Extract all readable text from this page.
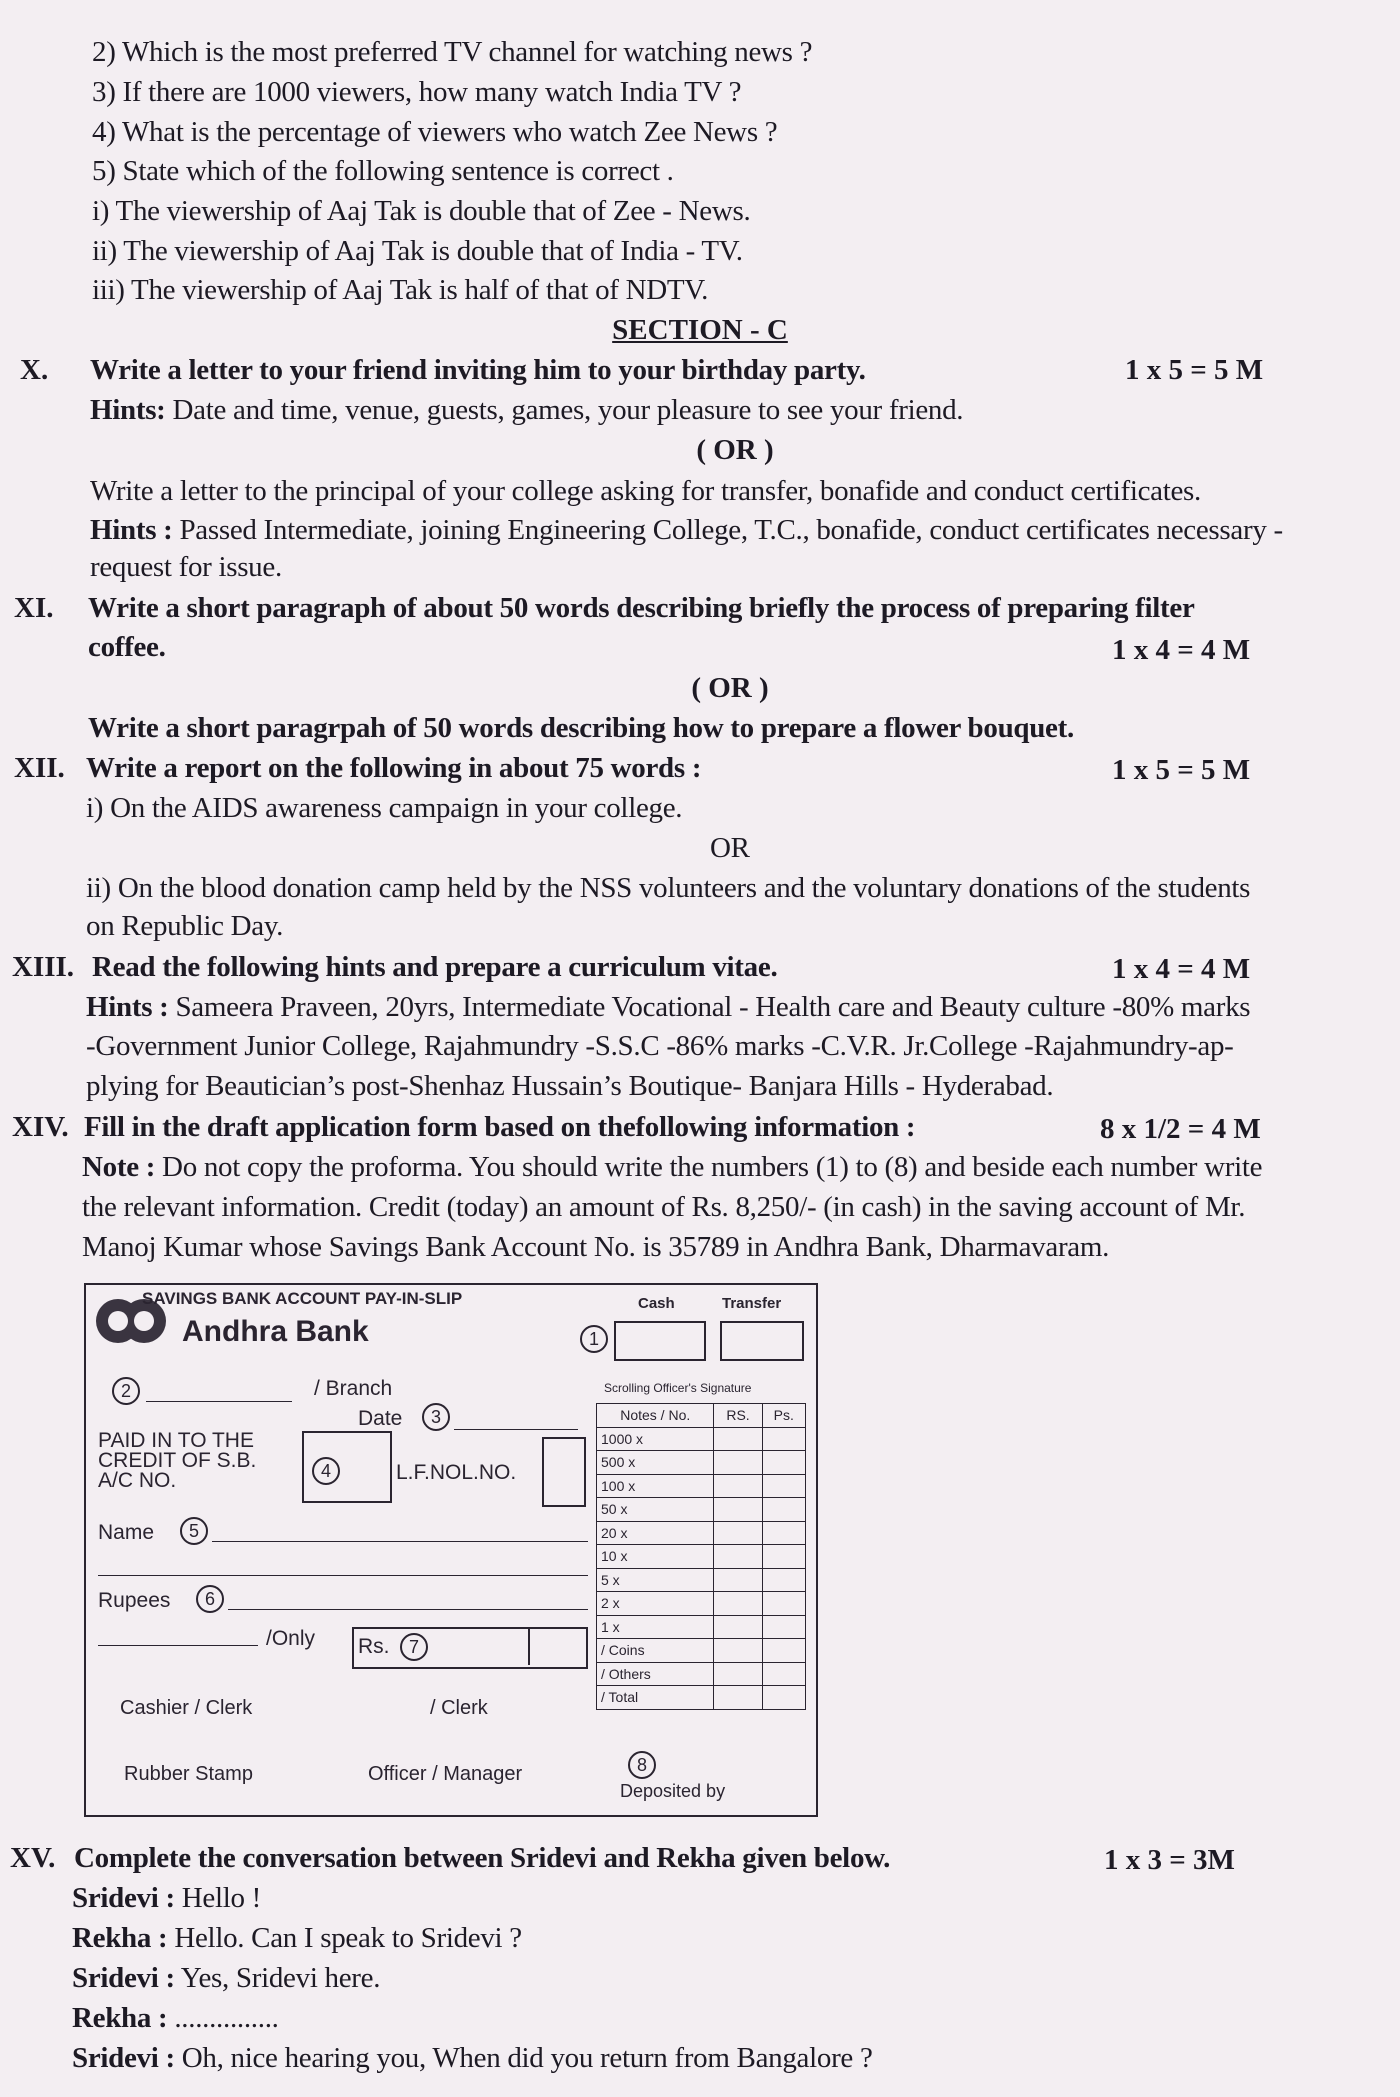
2) Which is the most preferred TV channel for watching news ?
3) If there are 1000 viewers, how many watch India TV ?
4) What is the percentage of viewers who watch Zee News ?
5) State which of the following sentence is correct .
i) The viewership of Aaj Tak is double that of Zee - News.
ii) The viewership of Aaj Tak is double that of India - TV.
iii) The viewership of Aaj Tak is half of that of NDTV.
SECTION - C
X. Write a letter to your friend inviting him to your birthday party.	1 x 5 = 5 M
Hints: Date and time, venue, guests, games, your pleasure to see your friend.
( OR )
Write a letter to the principal of your college asking for transfer, bonafide and conduct certificates.
Hints : Passed Intermediate, joining Engineering College, T.C., bonafide, conduct certificates necessary -
request for issue.
XI. Write a short paragraph of about 50 words describing briefly the process of preparing filter
coffee.	1 x 4 = 4 M
( OR )
Write a short paragrpah of 50 words describing how to prepare a flower bouquet.
XII. Write a report on the following in about 75 words :	1 x 5 = 5 M
i) On the AIDS awareness campaign in your college.
OR
ii) On the blood donation camp held by the NSS volunteers and the voluntary donations of the students
on Republic Day.
XIII. Read the following hints and prepare a curriculum vitae.	1 x 4 = 4 M
Hints : Sameera Praveen, 20yrs, Intermediate Vocational - Health care and Beauty culture -80% marks
-Government Junior College, Rajahmundry -S.S.C -86% marks -C.V.R. Jr.College -Rajahmundry-ap-
plying for Beautician’s post-Shenhaz Hussain’s Boutique- Banjara Hills - Hyderabad.
XIV. Fill in the draft application form based on thefollowing information :	8 x 1/2 = 4 M
Note : Do not copy the proforma. You should write the numbers (1) to (8) and beside each number write
the relevant information. Credit (today) an amount of Rs. 8,250/- (in cash) in the saving account of Mr.
Manoj Kumar whose Savings Bank Account No. is 35789 in Andhra Bank, Dharmavaram.
SAVINGS BANK ACCOUNT PAY-IN-SLIP	Cash	Transfer
Andhra Bank	1
2	/ Branch	Scrolling Officer's Signature
Date	3
PAID IN TO THE
CREDIT OF S.B.
A/C NO.	4	L.F.NOL.NO.
Name	5
Rupees	6
/Only Rs.	7
Cashier / Clerk	/ Clerk
Rubber Stamp	Officer / Manager	8
Deposited by
Notes / No.	RS.	Ps.
1000 x		
500 x		
100 x		
50 x		
20 x		
10 x		
5 x		
2 x		
1 x		
/ Coins		
/ Others		
/ Total		
XV. Complete the conversation between Sridevi and Rekha given below.	1 x 3 = 3M
Sridevi : Hello !
Rekha : Hello. Can I speak to Sridevi ?
Sridevi : Yes, Sridevi here.
Rekha : ...............
Sridevi : Oh, nice hearing you, When did you return from Bangalore ?
